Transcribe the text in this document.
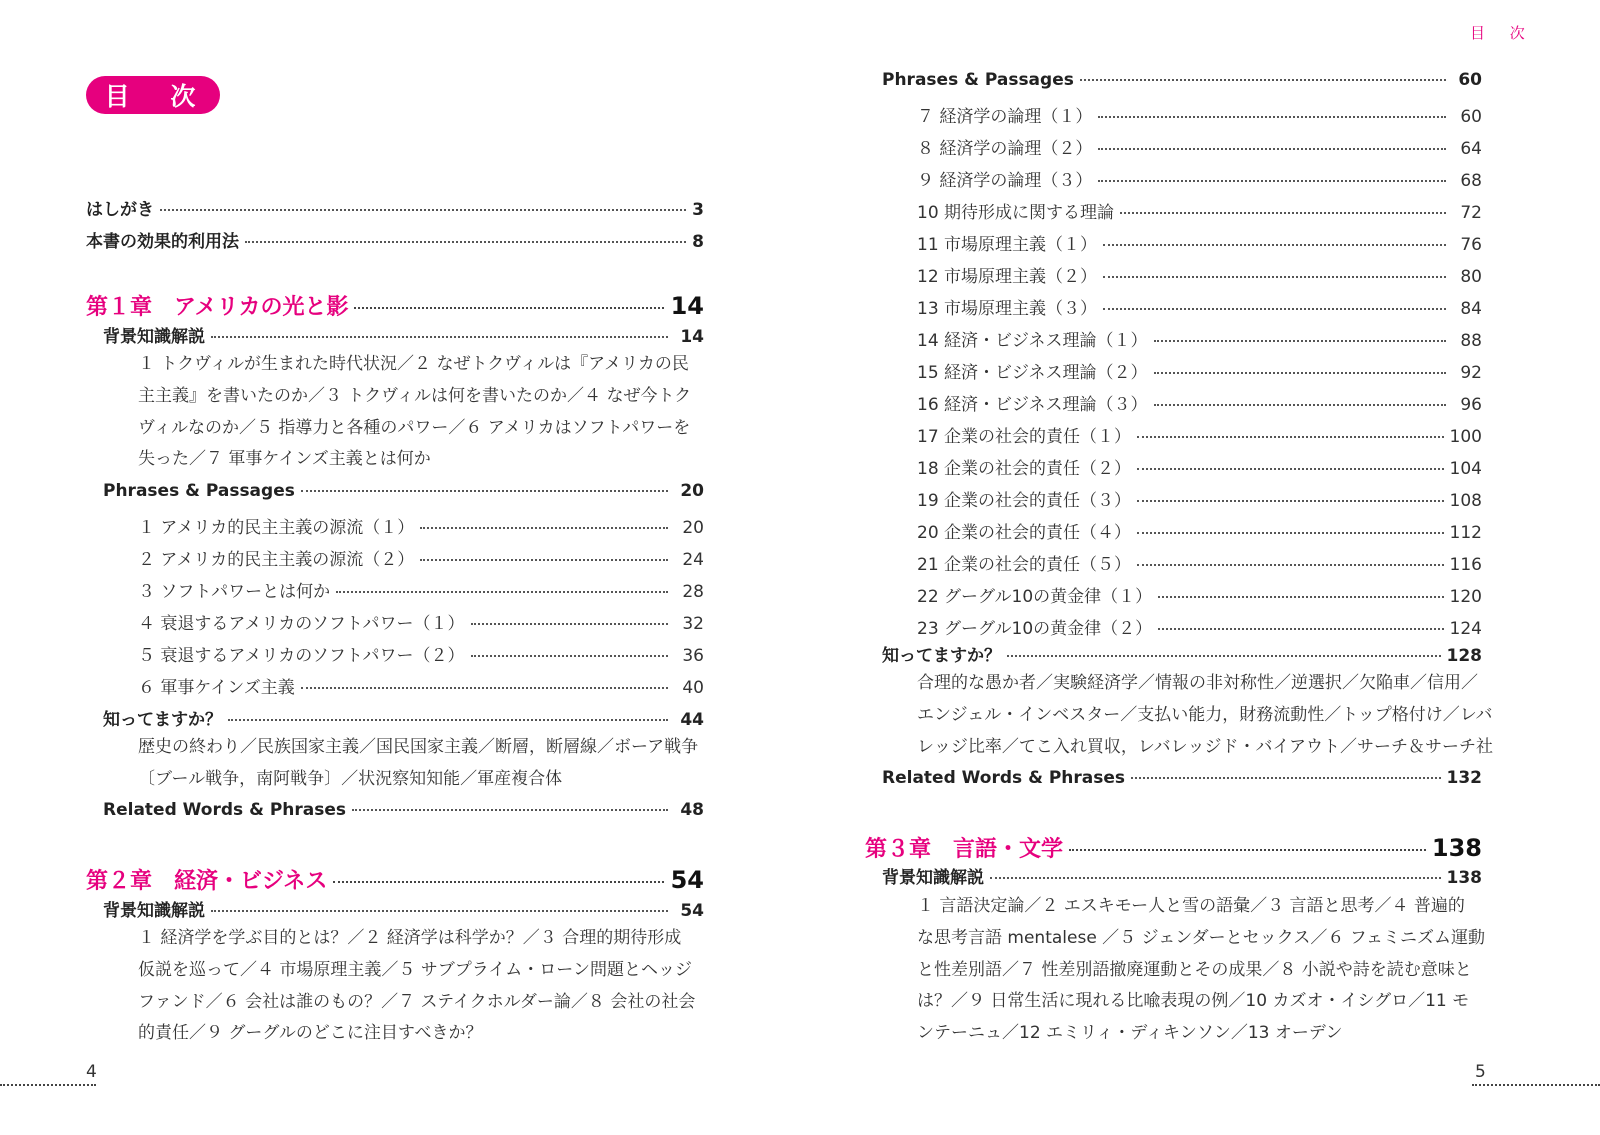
目 次
はしがき	3
本書の効果的利用法	8
第１章　アメリカの光と影	14
背景知識解説	14
１ トクヴィルが生まれた時代状況／２ なぜトクヴィルは『アメリカの民
主主義』を書いたのか／３ トクヴィルは何を書いたのか／４ なぜ今トク
ヴィルなのか／５ 指導力と各種のパワー／６ アメリカはソフトパワーを
失った／７ 軍事ケインズ主義とは何か
Phrases & Passages	20
１ アメリカ的民主主義の源流（１）	20
２ アメリカ的民主主義の源流（２）	24
３ ソフトパワーとは何か	28
４ 衰退するアメリカのソフトパワー（１）	32
５ 衰退するアメリカのソフトパワー（２）	36
６ 軍事ケインズ主義	40
知ってますか？	44
歴史の終わり／民族国家主義／国民国家主義／断層，断層線／ボーア戦争
〔ブール戦争，南阿戦争〕／状況察知知能／軍産複合体
Related Words & Phrases	48
第２章　経済・ビジネス	54
背景知識解説	54
１ 経済学を学ぶ目的とは？／２ 経済学は科学か？／３ 合理的期待形成
仮説を巡って／４ 市場原理主義／５ サブプライム・ローン問題とヘッジ
ファンド／６ 会社は誰のもの？／７ ステイクホルダー論／８ 会社の社会
的責任／９ グーグルのどこに注目すべきか？
4
目 次
Phrases & Passages	60
７ 経済学の論理（１）	60
８ 経済学の論理（２）	64
９ 経済学の論理（３）	68
10 期待形成に関する理論	72
11 市場原理主義（１）	76
12 市場原理主義（２）	80
13 市場原理主義（３）	84
14 経済・ビジネス理論（１）	88
15 経済・ビジネス理論（２）	92
16 経済・ビジネス理論（３）	96
17 企業の社会的責任（１）	100
18 企業の社会的責任（２）	104
19 企業の社会的責任（３）	108
20 企業の社会的責任（４）	112
21 企業の社会的責任（５）	116
22 グーグル10の黄金律（１）	120
23 グーグル10の黄金律（２）	124
知ってますか？	128
合理的な愚か者／実験経済学／情報の非対称性／逆選択／欠陥車／信用／
エンジェル・インベスター／支払い能力，財務流動性／トップ格付け／レバ
レッジ比率／てこ入れ買収，レバレッジド・バイアウト／サーチ＆サーチ社
Related Words & Phrases	132
第３章　言語・文学	138
背景知識解説	138
１ 言語決定論／２ エスキモー人と雪の語彙／３ 言語と思考／４ 普遍的
な思考言語 mentalese ／５ ジェンダーとセックス／６ フェミニズム運動
と性差別語／７ 性差別語撤廃運動とその成果／８ 小説や詩を読む意味と
は？／９ 日常生活に現れる比喩表現の例／10 カズオ・イシグロ／11 モ
ンテーニュ／12 エミリィ・ディキンソン／13 オーデン
5
